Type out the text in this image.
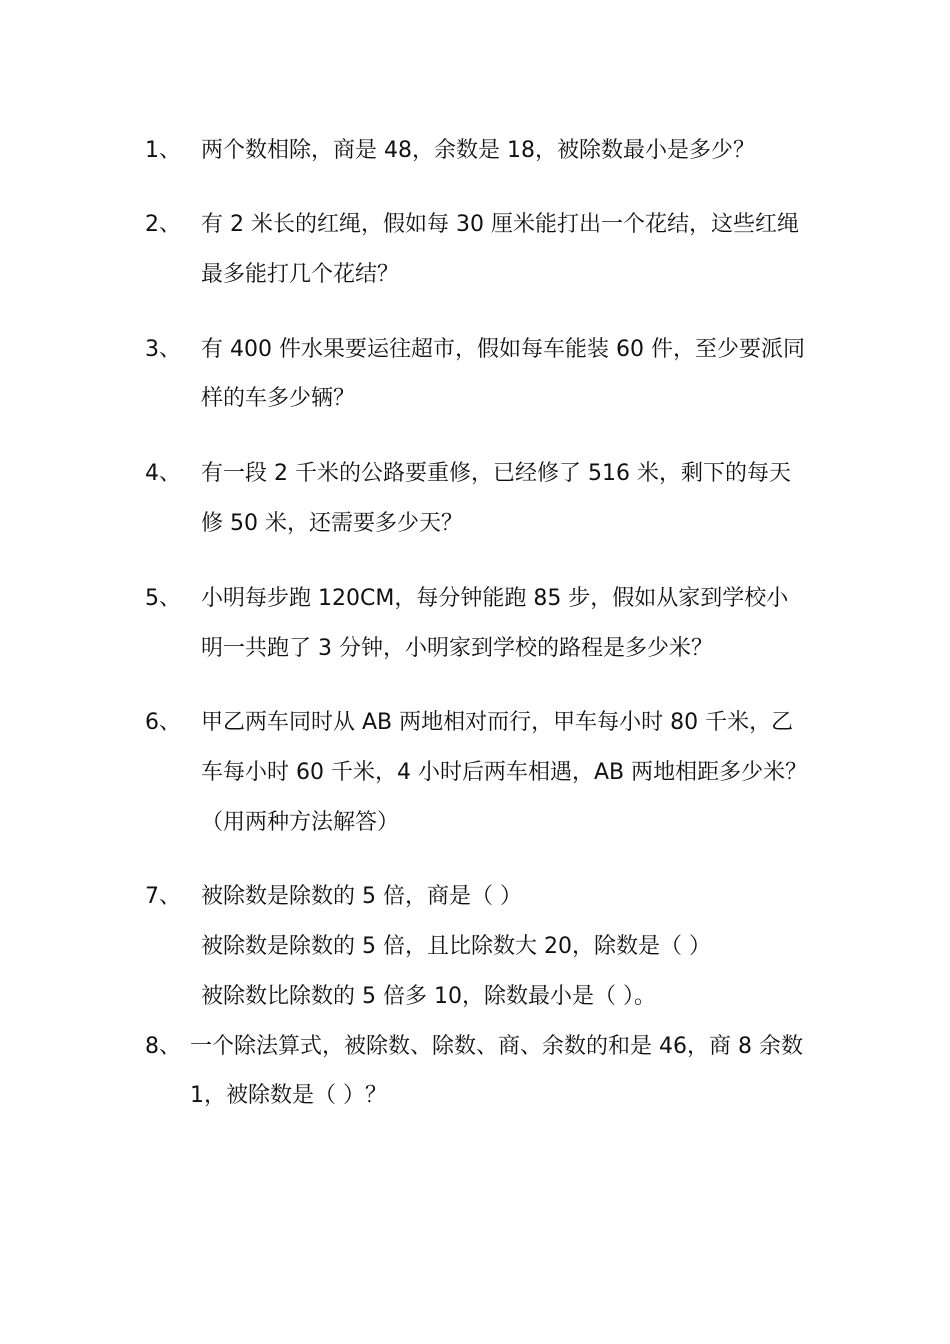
1、 两个数相除，商是 48，余数是 18，被除数最小是多少？
2、 有 2 米长的红绳，假如每 30 厘米能打出一个花结，这些红绳
最多能打几个花结？
3、 有 400 件水果要运往超市，假如每车能装 60 件，至少要派同
样的车多少辆？
4、 有一段 2 千米的公路要重修，已经修了 516 米，剩下的每天
修 50 米，还需要多少天？
5、 小明每步跑 120CM，每分钟能跑 85 步，假如从家到学校小
明一共跑了 3 分钟，小明家到学校的路程是多少米？
6、 甲乙两车同时从 AB 两地相对而行，甲车每小时 80 千米，乙
车每小时 60 千米，4 小时后两车相遇，AB 两地相距多少米？
（用两种方法解答）
7、 被除数是除数的 5 倍，商是（ ）
被除数是除数的 5 倍，且比除数大 20，除数是（ ）
被除数比除数的 5 倍多 10，除数最小是（ ）。
8、 一个除法算式，被除数、除数、商、余数的和是 46，商 8 余数
1，被除数是（ ）？
